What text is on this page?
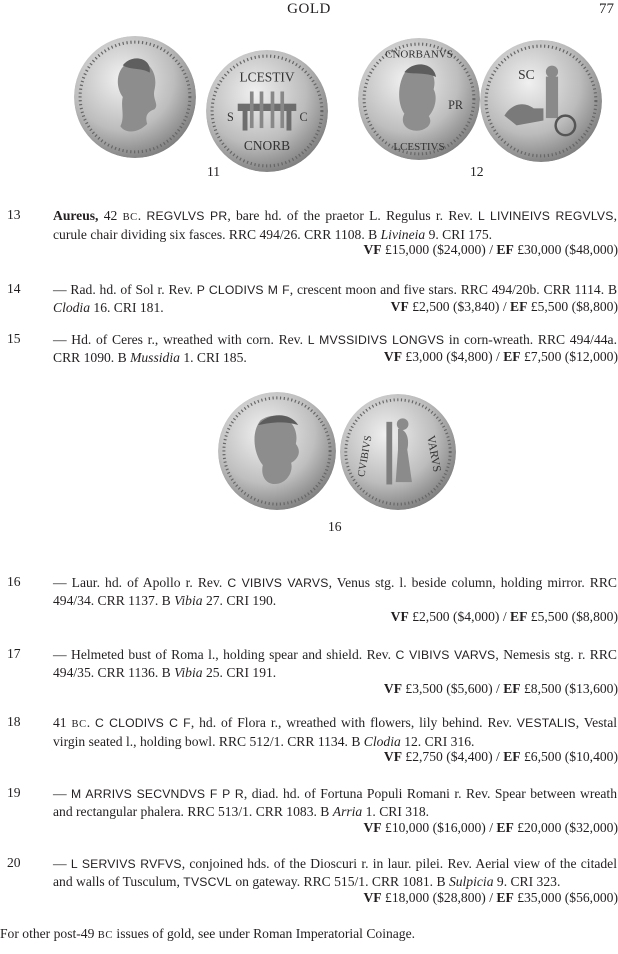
GOLD	77
LCESTIV
CNORB
S	C
CNORBANVS
PR
LCESTIVS
SC
11	12
13 Aureus, 42 BC. REGVLVS PR, bare hd. of the praetor L. Regulus r. Rev. L LIVINEIVS REGVLVS, curule chair dividing six fasces. RRC 494/26. CRR 1108. B Livineia 9. CRI 175.
VF £15,000 ($24,000) / EF £30,000 ($48,000)
14 — Rad. hd. of Sol r. Rev. P CLODIVS M F, crescent moon and five stars. RRC 494/20b. CRR 1114. B Clodia 16. CRI 181.	VF £2,500 ($3,840) / EF £5,500 ($8,800)
15 — Hd. of Ceres r., wreathed with corn. Rev. L MVSSIDIVS LONGVS in corn-wreath. RRC 494/44a. CRR 1090. B Mussidia 1. CRI 185.	VF £3,000 ($4,800) / EF £7,500 ($12,000)
CVIBIVS	VARVS
16
16 — Laur. hd. of Apollo r. Rev. C VIBIVS VARVS, Venus stg. l. beside column, holding mirror. RRC 494/34. CRR 1137. B Vibia 27. CRI 190.
VF £2,500 ($4,000) / EF £5,500 ($8,800)
17 — Helmeted bust of Roma l., holding spear and shield. Rev. C VIBIVS VARVS, Nemesis stg. r. RRC 494/35. CRR 1136. B Vibia 25. CRI 191.
VF £3,500 ($5,600) / EF £8,500 ($13,600)
18 41 BC. C CLODIVS C F, hd. of Flora r., wreathed with flowers, lily behind. Rev. VESTALIS, Vestal virgin seated l., holding bowl. RRC 512/1. CRR 1134. B Clodia 12. CRI 316.
VF £2,750 ($4,400) / EF £6,500 ($10,400)
19 — M ARRIVS SECVNDVS F P R, diad. hd. of Fortuna Populi Romani r. Rev. Spear between wreath and rectangular phalera. RRC 513/1. CRR 1083. B Arria 1. CRI 318.
VF £10,000 ($16,000) / EF £20,000 ($32,000)
20 — L SERVIVS RVFVS, conjoined hds. of the Dioscuri r. in laur. pilei. Rev. Aerial view of the citadel and walls of Tusculum, TVSCVL on gateway. RRC 515/1. CRR 1081. B Sulpicia 9. CRI 323.
VF £18,000 ($28,800) / EF £35,000 ($56,000)
For other post-49 BC issues of gold, see under Roman Imperatorial Coinage.
